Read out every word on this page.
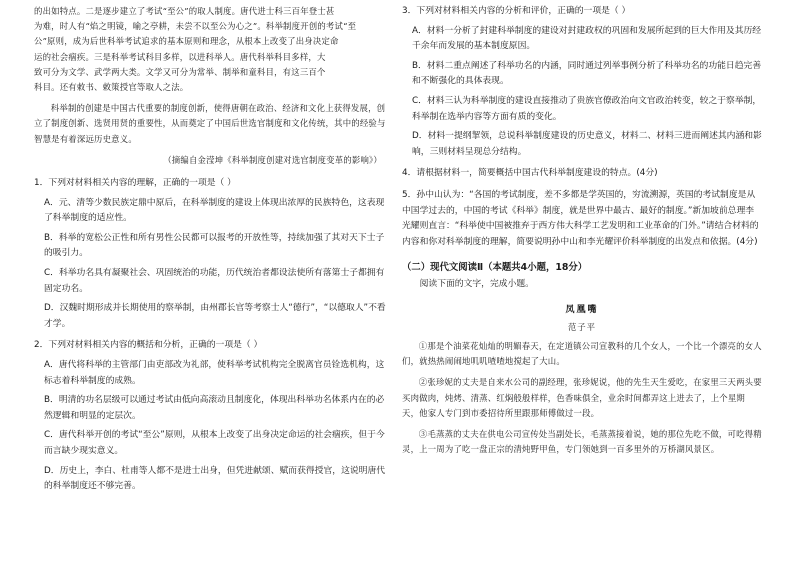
的出如特点。二是逐步建立了考试“至公”的取人制度。唐代进士科三百年登士甚

为难，时人有“焰之明镜，喻之亭耕，未尝不以至公为心之”。科举制度开创的考试“至

公”原则，成为后世科举考试追求的基本原则和理念，从根本上改变了出身决定命

运的社会痼疾。三是科举考试科目多样，以进科举人。唐代科举科目多样，大

致可分为文学、武学两大类。文学又可分为常举、制举和童科目，有这三百个

科目。还有敕书、敕策授官等取人之法。

科举制的创建是中国古代重要的制度创新，使得唐朝在政治、经济和文化上获得发展，创立了制度创新、选贤用贤的重要性，从而奠定了中国后世选官制度和文化传统，其中的经验与智慧是有着深远历史意义。

（摘编自金滢坤《科举制度创建对选官制度变革的影响》）

1．下列对材料相关内容的理解，正确的一项是（ ）

A．元、清等少数民族定鼎中原后，在科举制度的建设上体现出浓厚的民族特色，这表现了科举制度的适应性。

B．科举的宽松公正性和所有男性公民都可以报考的开放性等，持续加强了其对天下士子的吸引力。

C．科举功名具有凝聚社会、巩固统治的功能，历代统治者都设法使所有落第士子都拥有固定功名。

D．汉魏时期形成并长期使用的察举制，由州郡长官等考察士人“德行”，“以德取人”不看才学。

2．下列对材料相关内容的概括和分析，正确的一项是（ ）

A．唐代将科举的主管部门由吏部改为礼部，使科举考试机构完全脱离官员铨选机构，这标志着科举制度的成熟。

B．明清的功名层级可以通过考试由低向高滚动且制度化，体现出科举功名体系内在的必然逻辑和明显的定层次。

C．唐代科举开创的考试“至公”原则，从根本上改变了出身决定命运的社会痼疾，但于今而言缺少现实意义。

D．历史上，李白、杜甫等人都不是进士出身，但凭进献颂、赋而获得授官，这说明唐代的科举制度还不够完善。

3．下列对材料相关内容的分析和评价，正确的一项是（ ）

A．材料一分析了封建科举制度的建设对封建政权的巩固和发展所起到的巨大作用及其历经千余年而发展的基本制度原因。

B．材料二重点阐述了科举功名的内涵，同时通过列举事例分析了科举功名的功能日趋完善和不断强化的具体表现。

C．材料三认为科举制度的建设直接推动了贵族官僚政治向文官政治转变，较之于察举制，科举制在选举内容等方面有质的变化。

D．材料一提纲挈领，总说科举制度建设的历史意义，材料二、材料三进而阐述其内涵和影响，三则材料呈现总分结构。

4．请根据材料一，简要概括中国古代科举制度建设的特点。(4分)

5．孙中山认为：“各国的考试制度，差不多都是学英国的，穷流溯源，英国的考试制度是从中国学过去的，中国的考试《科举》制度，就是世界中最古、最好的制度。”新加坡前总理李光耀则直言：“科举使中国被推弃于西方伟大科学工艺发明和工业革命的门外。”请结合材料的内容和你对科举制度的理解，简要说明孙中山和李光耀评价科举制度的出发点和依据。(4分)

（二）现代文阅读Ⅱ（本题共4小题，18分）

阅读下面的文字，完成小题。

凤凰嘴

范子平

①那是个油菜花灿灿的明媚春天，在定道镇公司宣教科的几个女人，一个比一个漂亮的女人们，就热热闹闹地叽叽喳喳地搅起了大山。

②张珍妮的丈夫是自来水公司的副经理，张珍妮说，他的先生天生爱吃，在家里三天两头要买肉做肉，炖烤、清蒸、红焖般般样样，色香味俱全，业余时间都弄这上进去了，上个星期天，他家人专门到市委招待所里跟那师傅做过一段。

③毛蒸蒸的丈夫在供电公司宣传处当副处长，毛蒸蒸接着说，她的那位先吃不做，可吃得精灵，上一周为了吃一盘正宗的清炖野甲鱼，专门领她到一百多里外的万桥湖风景区。
